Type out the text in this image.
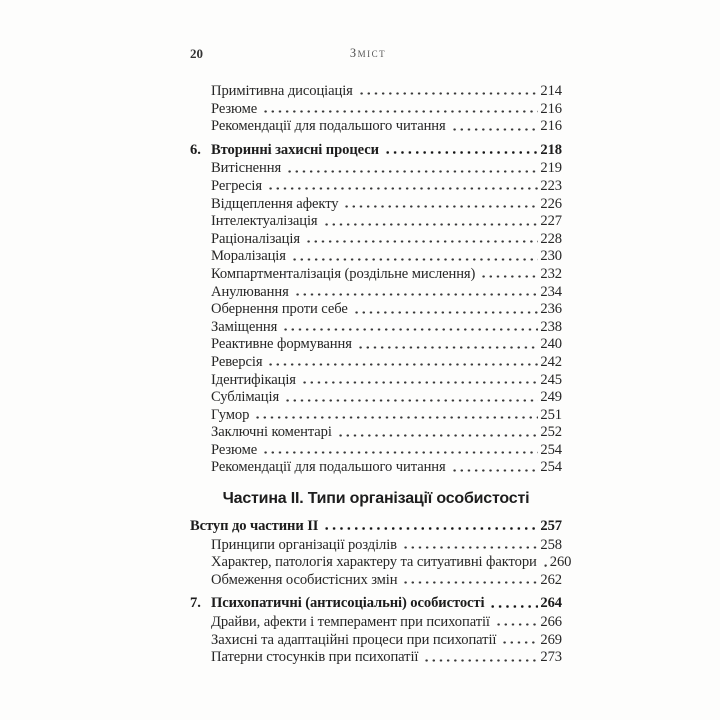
20	Зміст
Примітивна дисоціація	214
Резюме	216
Рекомендації для подальшого читання	216
6. Вторинні захисні процеси	218
Витіснення	219
Регресія	223
Відщеплення афекту	226
Інтелектуалізація	227
Раціоналізація	228
Моралізація	230
Компартменталізація (роздільне мислення)	232
Анулювання	234
Обернення проти себе	236
Заміщення	238
Реактивне формування	240
Реверсія	242
Ідентифікація	245
Сублімація	249
Гумор	251
Заключні коментарі	252
Резюме	254
Рекомендації для подальшого читання	254
Частина II. Типи організації особистості
Вступ до частини II	257
Принципи організації розділів	258
Характер, патологія характеру та ситуативні фактори 260
Обмеження особистісних змін	262
7. Психопатичні (антисоціальні) особистості	264
Драйви, афекти і темперамент при психопатії	266
Захисні та адаптаційні процеси при психопатії	269
Патерни стосунків при психопатії	273
